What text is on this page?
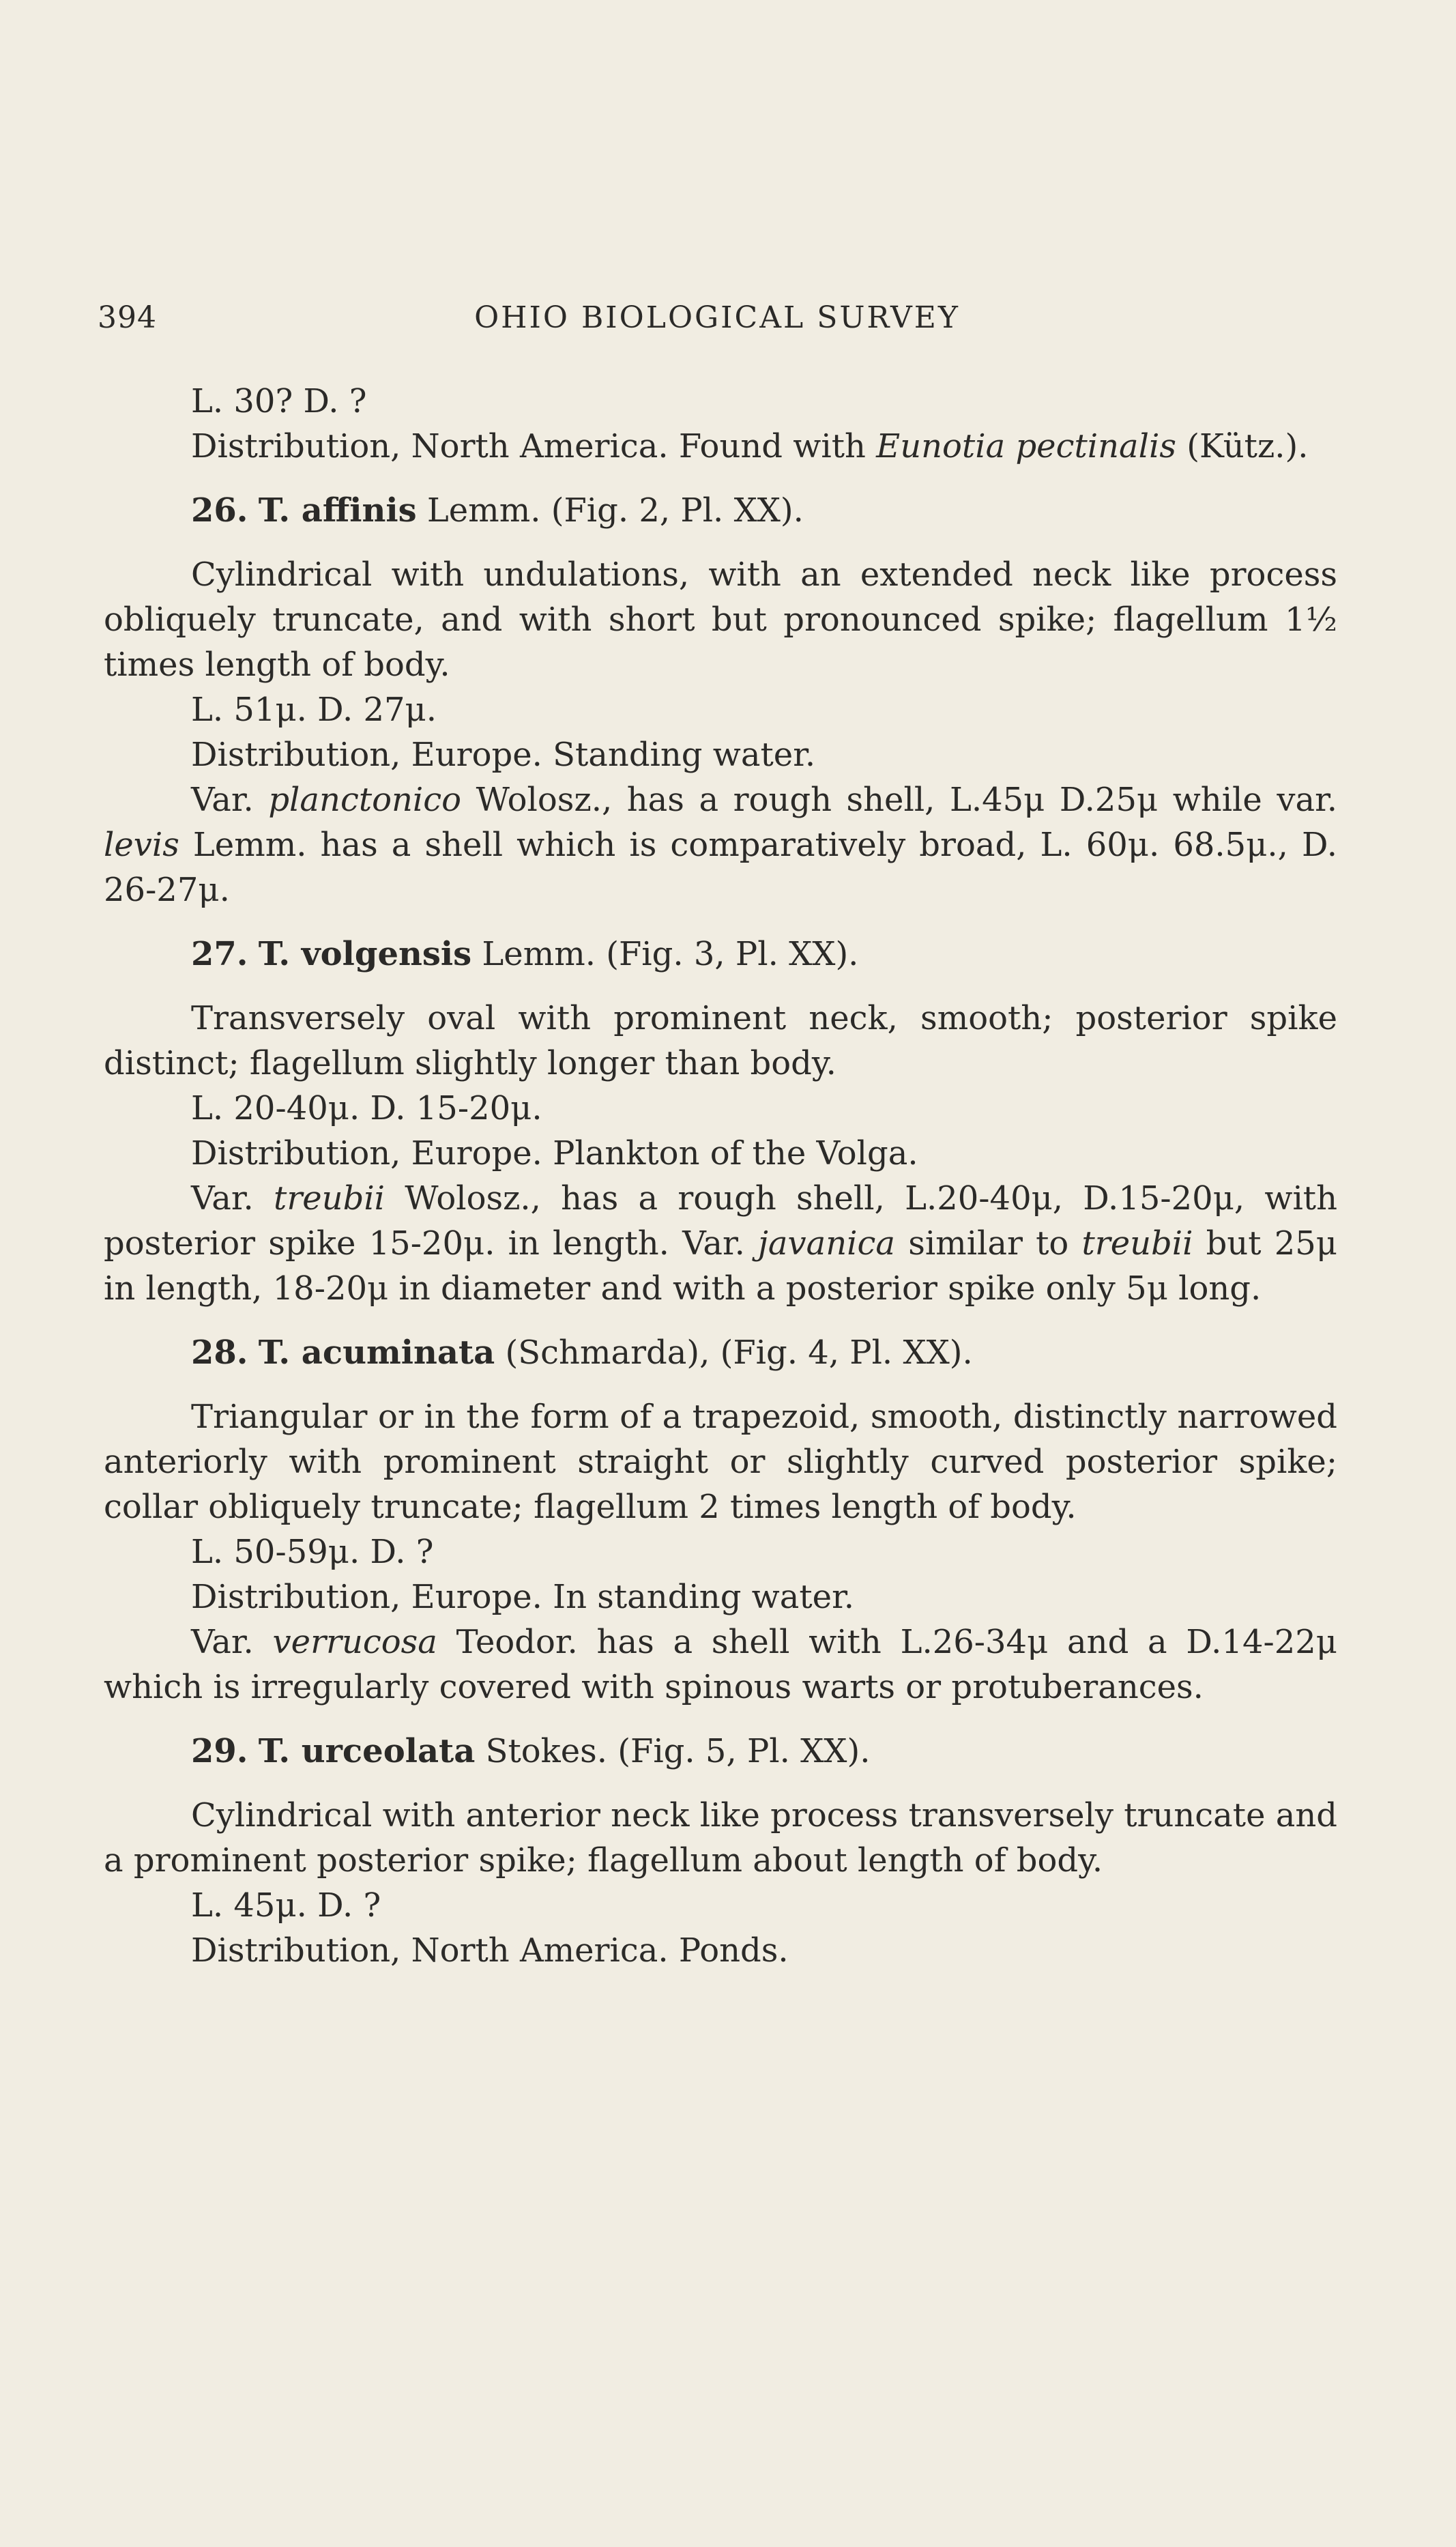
394	OHIO BIOLOGICAL SURVEY

L. 30? D. ?

Distribution, North America. Found with Eunotia pectinalis (Kütz.).

26. T. affinis Lemm. (Fig. 2, Pl. XX).

Cylindrical with undulations, with an extended neck like process obliquely truncate, and with short but pronounced spike; flagellum 1½ times length of body.

L. 51μ. D. 27μ.

Distribution, Europe. Standing water.

Var. planctonico Wolosz., has a rough shell, L.45μ D.25μ while var. levis Lemm. has a shell which is comparatively broad, L. 60μ. 68.5μ., D. 26-27μ.

27. T. volgensis Lemm. (Fig. 3, Pl. XX).

Transversely oval with prominent neck, smooth; posterior spike distinct; flagellum slightly longer than body.

L. 20-40μ. D. 15-20μ.

Distribution, Europe. Plankton of the Volga.

Var. treubii Wolosz., has a rough shell, L.20-40μ, D.15-20μ, with posterior spike 15-20μ. in length. Var. javanica similar to treubii but 25μ in length, 18-20μ in diameter and with a posterior spike only 5μ long.

28. T. acuminata (Schmarda), (Fig. 4, Pl. XX).

Triangular or in the form of a trapezoid, smooth, distinctly narrowed anteriorly with prominent straight or slightly curved posterior spike; collar obliquely truncate; flagellum 2 times length of body.

L. 50-59μ. D. ?

Distribution, Europe. In standing water.

Var. verrucosa Teodor. has a shell with L.26-34μ and a D.14-22μ which is irregularly covered with spinous warts or protuberances.

29. T. urceolata Stokes. (Fig. 5, Pl. XX).

Cylindrical with anterior neck like process transversely truncate and a prominent posterior spike; flagellum about length of body.

L. 45μ. D. ?

Distribution, North America. Ponds.
